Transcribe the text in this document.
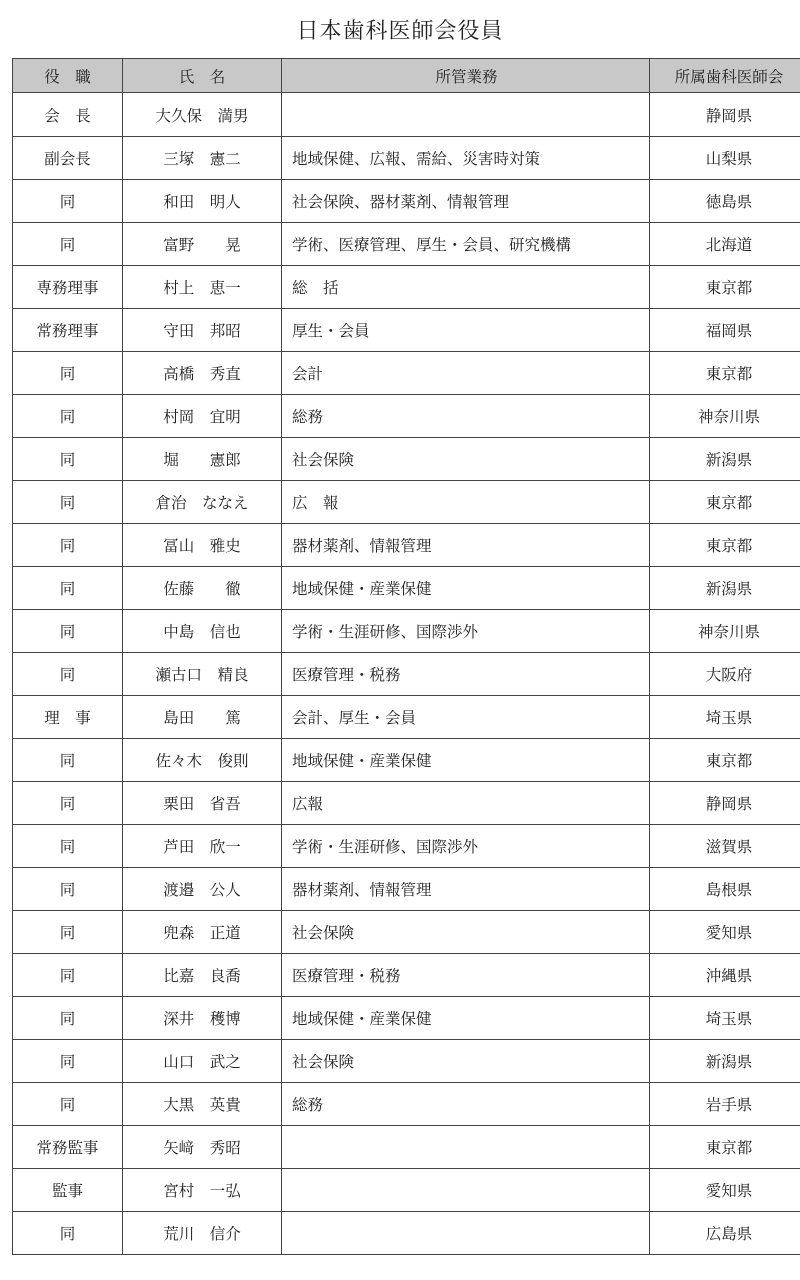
日本歯科医師会役員
役　職	氏　名	所管業務	所属歯科医師会
会　長	大久保　満男		静岡県
副会長	三塚　憲二	地域保健、広報、需給、災害時対策	山梨県
同	和田　明人	社会保険、器材薬剤、情報管理	徳島県
同	富野　　晃	学術、医療管理、厚生・会員、研究機構	北海道
専務理事	村上　恵一	総　括	東京都
常務理事	守田　邦昭	厚生・会員	福岡県
同	高橋　秀直	会計	東京都
同	村岡　宜明	総務	神奈川県
同	堀　　憲郎	社会保険	新潟県
同	倉治　ななえ	広　報	東京都
同	冨山　雅史	器材薬剤、情報管理	東京都
同	佐藤　　徹	地域保健・産業保健	新潟県
同	中島　信也	学術・生涯研修、国際渉外	神奈川県
同	瀬古口　精良	医療管理・税務	大阪府
理　事	島田　　篤	会計、厚生・会員	埼玉県
同	佐々木　俊則	地域保健・産業保健	東京都
同	栗田　省吾	広報	静岡県
同	芦田　欣一	学術・生涯研修、国際渉外	滋賀県
同	渡邉　公人	器材薬剤、情報管理	島根県
同	兜森　正道	社会保険	愛知県
同	比嘉　良喬	医療管理・税務	沖縄県
同	深井　穫博	地域保健・産業保健	埼玉県
同	山口　武之	社会保険	新潟県
同	大黒　英貴	総務	岩手県
常務監事	矢﨑　秀昭		東京都
監事	宮村　一弘		愛知県
同	荒川　信介		広島県
